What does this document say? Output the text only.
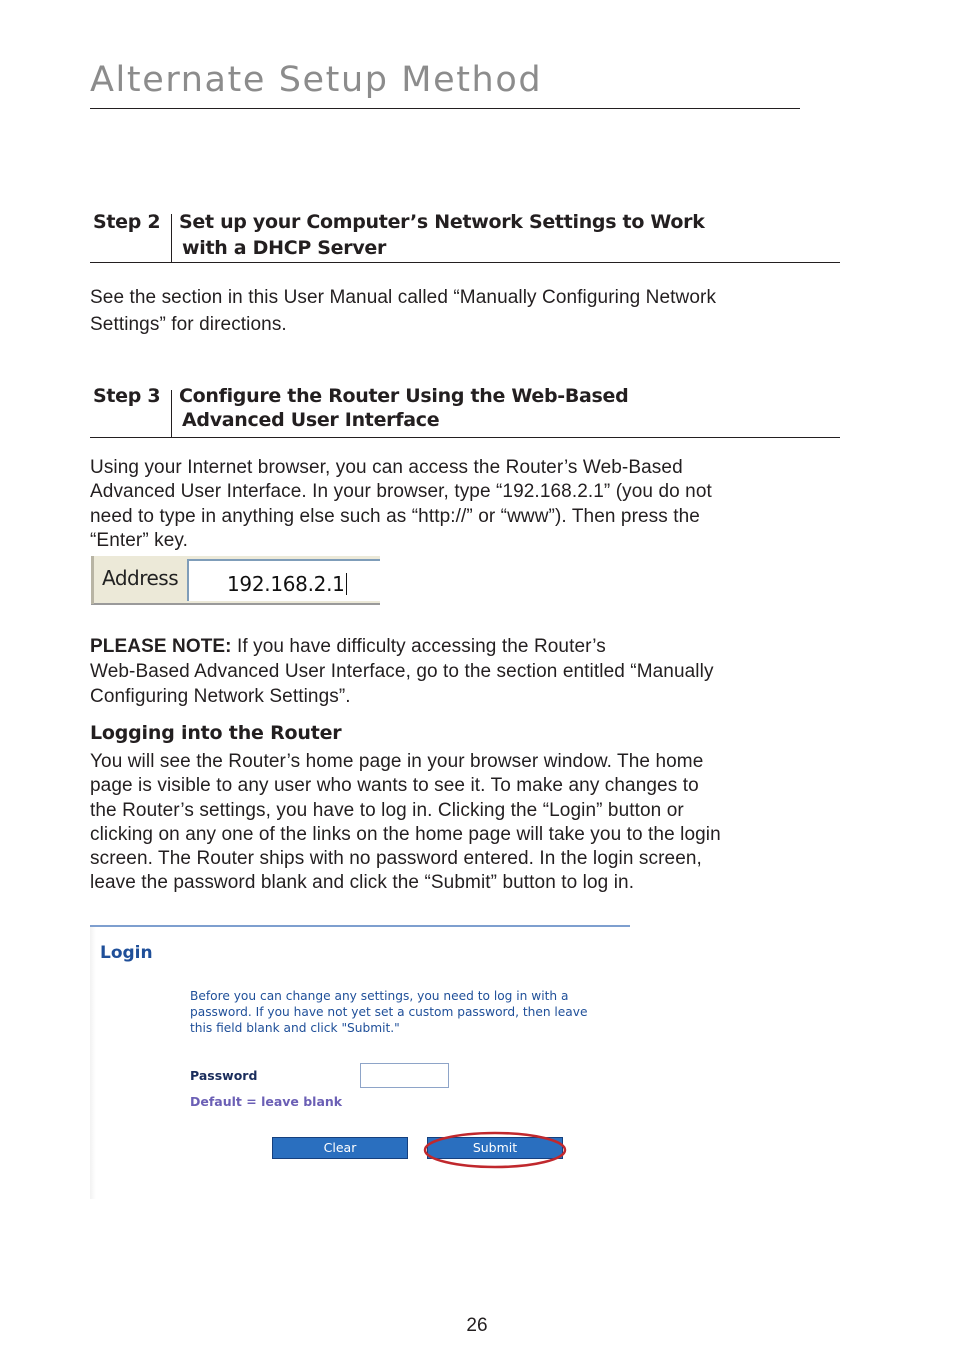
Alternate Setup Method
Step 2 Set up your Computer’s Network Settings to Work
with a DHCP Server
See the section in this User Manual called “Manually Configuring Network
Settings” for directions.
Step 3 Configure the Router Using the Web-Based
Advanced User Interface
Using your Internet browser, you can access the Router’s Web-Based
Advanced User Interface. In your browser, type “192.168.2.1” (you do not
need to type in anything else such as “http://” or “www”). Then press the
“Enter” key.
Address 192.168.2.1
PLEASE NOTE: If you have difficulty accessing the Router’s
Web-Based Advanced User Interface, go to the section entitled “Manually
Configuring Network Settings”.
Logging into the Router
You will see the Router’s home page in your browser window. The home
page is visible to any user who wants to see it. To make any changes to
the Router’s settings, you have to log in. Clicking the “Login” button or
clicking on any one of the links on the home page will take you to the login
screen. The Router ships with no password entered. In the login screen,
leave the password blank and click the “Submit” button to log in.
Login
Before you can change any settings, you need to log in with a
password. If you have not yet set a custom password, then leave
this field blank and click "Submit."
Password
Default = leave blank
Clear	Submit
26
